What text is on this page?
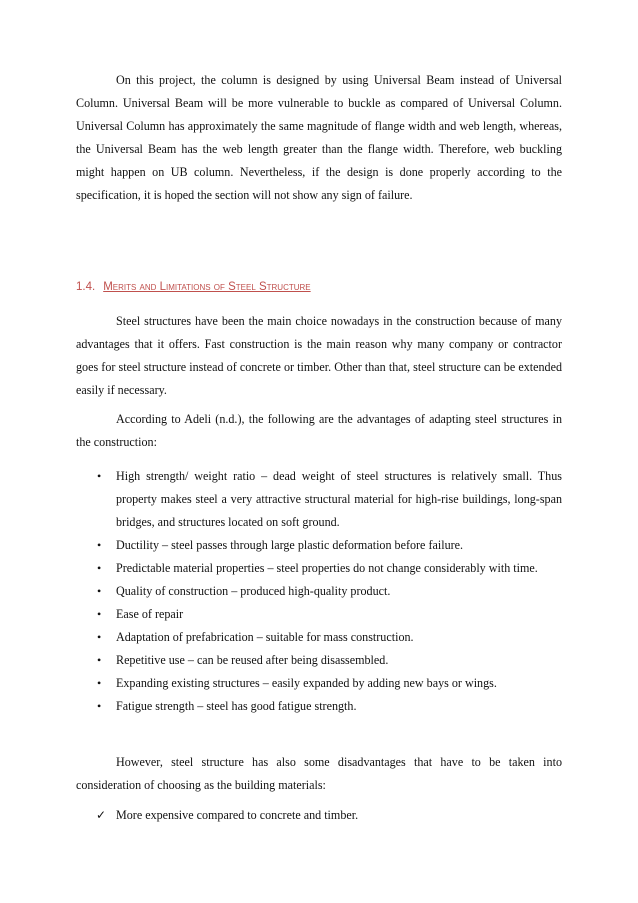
On this project, the column is designed by using Universal Beam instead of Universal Column. Universal Beam will be more vulnerable to buckle as compared of Universal Column. Universal Column has approximately the same magnitude of flange width and web length, whereas, the Universal Beam has the web length greater than the flange width. Therefore, web buckling might happen on UB column. Nevertheless, if the design is done properly according to the specification, it is hoped the section will not show any sign of failure.

1.4. Merits and Limitations of Steel Structure

Steel structures have been the main choice nowadays in the construction because of many advantages that it offers. Fast construction is the main reason why many company or contractor goes for steel structure instead of concrete or timber. Other than that, steel structure can be extended easily if necessary.

According to Adeli (n.d.), the following are the advantages of adapting steel structures in the construction:

• High strength/ weight ratio – dead weight of steel structures is relatively small. Thus property makes steel a very attractive structural material for high-rise buildings, long-span bridges, and structures located on soft ground.
• Ductility – steel passes through large plastic deformation before failure.
• Predictable material properties – steel properties do not change considerably with time.
• Quality of construction – produced high-quality product.
• Ease of repair
• Adaptation of prefabrication – suitable for mass construction.
• Repetitive use – can be reused after being disassembled.
• Expanding existing structures – easily expanded by adding new bays or wings.
• Fatigue strength – steel has good fatigue strength.

However, steel structure has also some disadvantages that have to be taken into consideration of choosing as the building materials:

✓ More expensive compared to concrete and timber.
